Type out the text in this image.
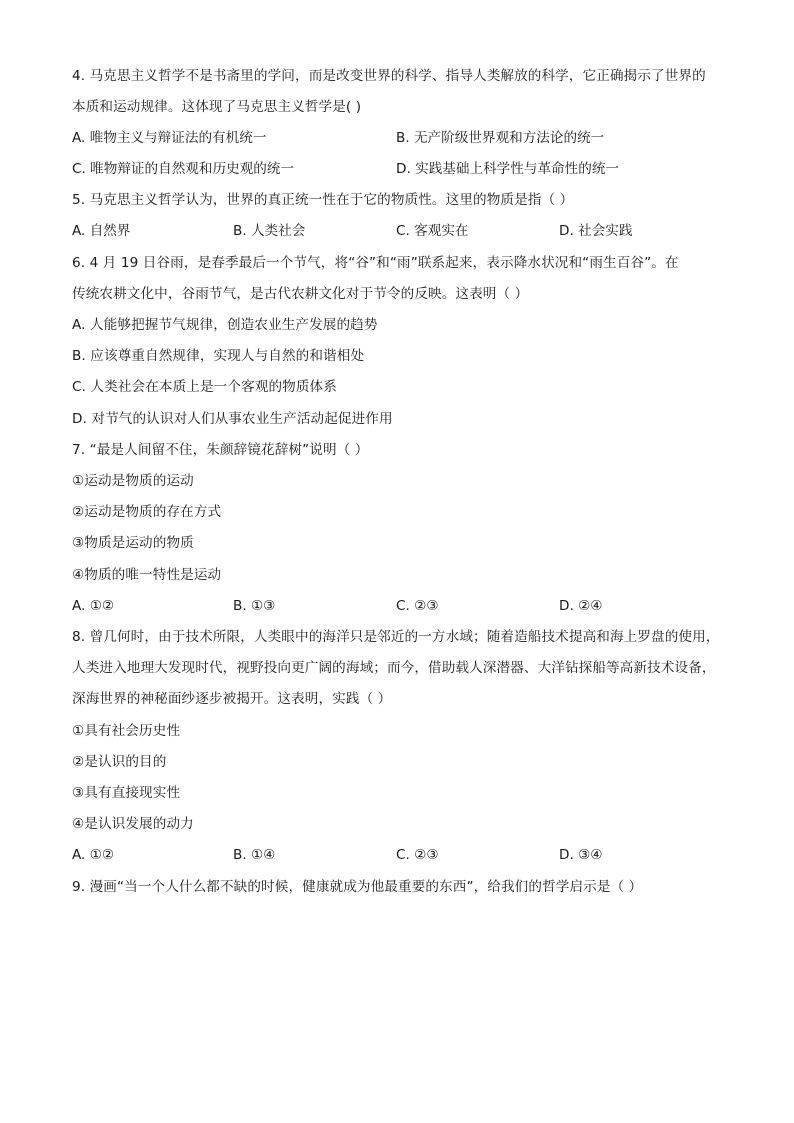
4. 马克思主义哲学不是书斋里的学问，而是改变世界的科学、指导人类解放的科学，它正确揭示了世界的
本质和运动规律。这体现了马克思主义哲学是( )
A. 唯物主义与辩证法的有机统一	B. 无产阶级世界观和方法论的统一
C. 唯物辩证的自然观和历史观的统一	D. 实践基础上科学性与革命性的统一
5. 马克思主义哲学认为，世界的真正统一性在于它的物质性。这里的物质是指（ ）
A. 自然界	B. 人类社会	C. 客观实在	D. 社会实践
6. 4 月 19 日谷雨，是春季最后一个节气，将“谷”和“雨”联系起来，表示降水状况和“雨生百谷”。在
传统农耕文化中，谷雨节气，是古代农耕文化对于节令的反映。这表明（ ）
A. 人能够把握节气规律，创造农业生产发展的趋势
B. 应该尊重自然规律，实现人与自然的和谐相处
C. 人类社会在本质上是一个客观的物质体系
D. 对节气的认识对人们从事农业生产活动起促进作用
7. “最是人间留不住，朱颜辞镜花辞树”说明（ ）
①运动是物质的运动
②运动是物质的存在方式
③物质是运动的物质
④物质的唯一特性是运动
A. ①②	B. ①③	C. ②③	D. ②④
8. 曾几何时，由于技术所限，人类眼中的海洋只是邻近的一方水域；随着造船技术提高和海上罗盘的使用，
人类进入地理大发现时代，视野投向更广阔的海域；而今，借助载人深潜器、大洋钻探船等高新技术设备，
深海世界的神秘面纱逐步被揭开。这表明，实践（ ）
①具有社会历史性
②是认识的目的
③具有直接现实性
④是认识发展的动力
A. ①②	B. ①④	C. ②③	D. ③④
9. 漫画“当一个人什么都不缺的时候，健康就成为他最重要的东西”，给我们的哲学启示是（ ）
